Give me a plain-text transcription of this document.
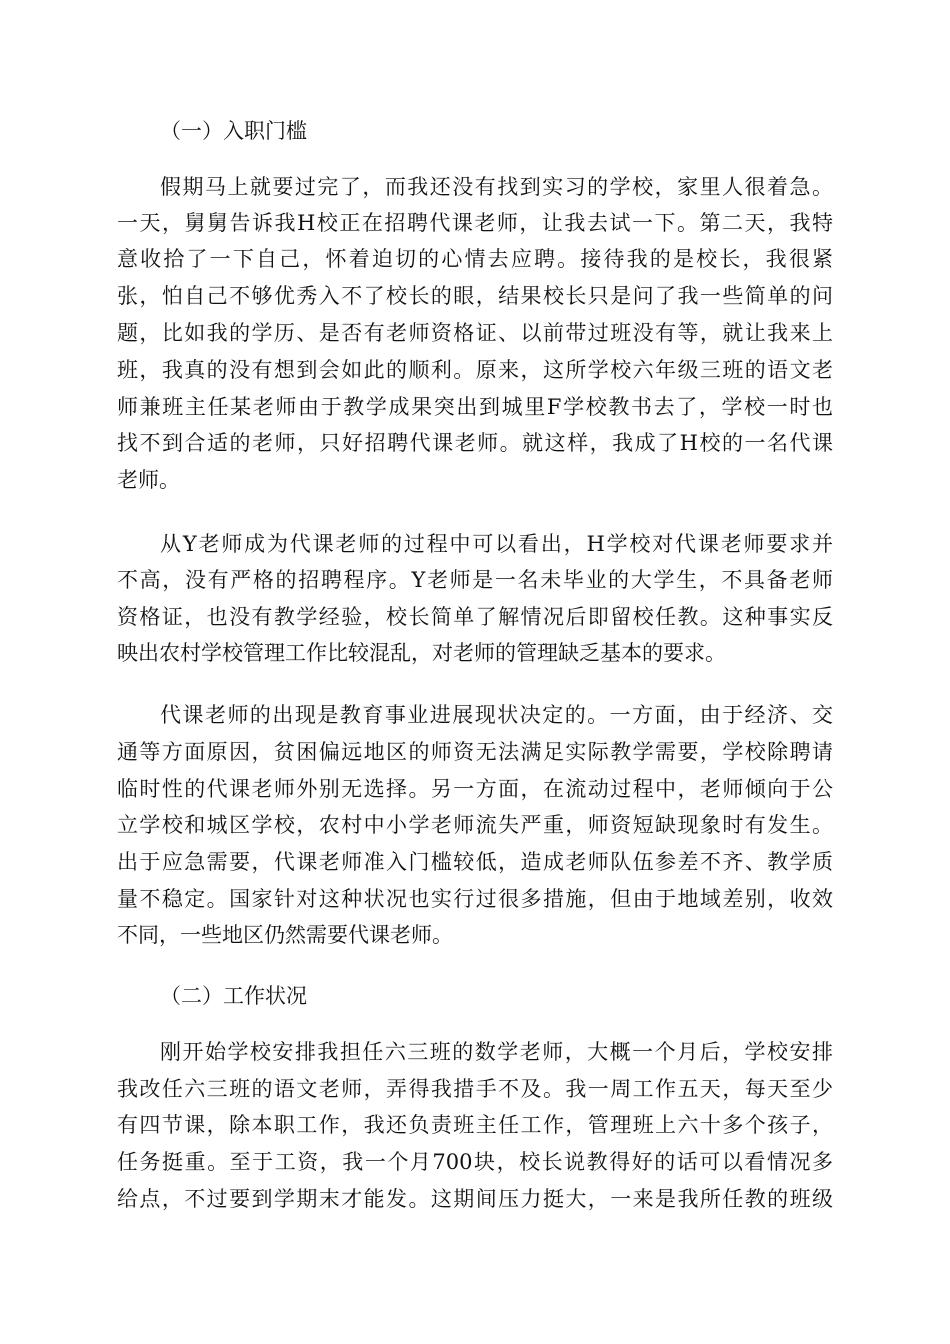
（一）入职门槛
假期马上就要过完了，而我还没有找到实习的学校，家里人很着急。
一天，舅舅告诉我H校正在招聘代课老师，让我去试一下。第二天，我特
意收拾了一下自己，怀着迫切的心情去应聘。接待我的是校长，我很紧
张，怕自己不够优秀入不了校长的眼，结果校长只是问了我一些简单的问
题，比如我的学历、是否有老师资格证、以前带过班没有等，就让我来上
班，我真的没有想到会如此的顺利。原来，这所学校六年级三班的语文老
师兼班主任某老师由于教学成果突出到城里F学校教书去了，学校一时也
找不到合适的老师，只好招聘代课老师。就这样，我成了H校的一名代课
老师。
从Y老师成为代课老师的过程中可以看出，H学校对代课老师要求并
不高，没有严格的招聘程序。Y老师是一名未毕业的大学生，不具备老师
资格证，也没有教学经验，校长简单了解情况后即留校任教。这种事实反
映出农村学校管理工作比较混乱，对老师的管理缺乏基本的要求。
代课老师的出现是教育事业进展现状决定的。一方面，由于经济、交
通等方面原因，贫困偏远地区的师资无法满足实际教学需要，学校除聘请
临时性的代课老师外别无选择。另一方面，在流动过程中，老师倾向于公
立学校和城区学校，农村中小学老师流失严重，师资短缺现象时有发生。
出于应急需要，代课老师准入门槛较低，造成老师队伍参差不齐、教学质
量不稳定。国家针对这种状况也实行过很多措施，但由于地域差别，收效
不同，一些地区仍然需要代课老师。
（二）工作状况
刚开始学校安排我担任六三班的数学老师，大概一个月后，学校安排
我改任六三班的语文老师，弄得我措手不及。我一周工作五天，每天至少
有四节课，除本职工作，我还负责班主任工作，管理班上六十多个孩子，
任务挺重。至于工资，我一个月700块，校长说教得好的话可以看情况多
给点，不过要到学期末才能发。这期间压力挺大，一来是我所任教的班级
